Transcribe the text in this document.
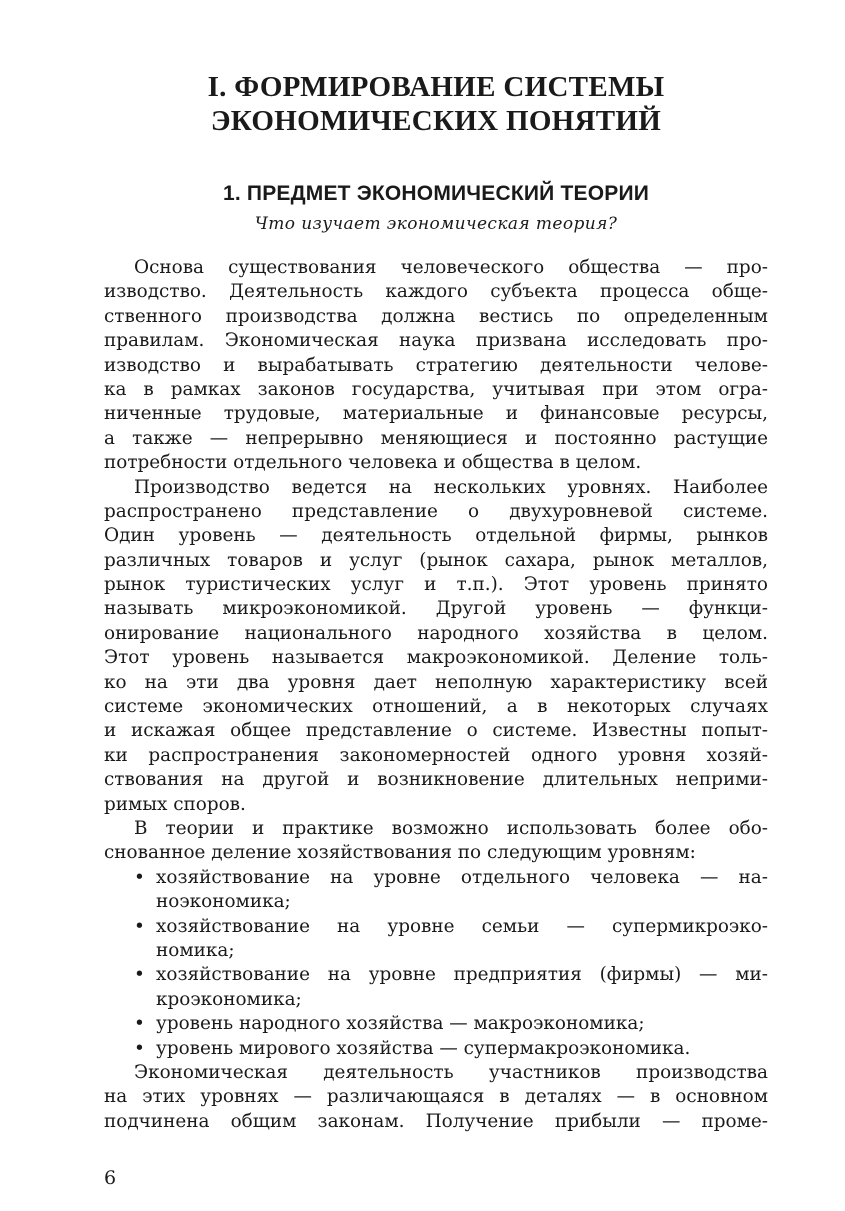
I. ФОРМИРОВАНИЕ СИСТЕМЫ
ЭКОНОМИЧЕСКИХ ПОНЯТИЙ
1. ПРЕДМЕТ ЭКОНОМИЧЕСКИЙ ТЕОРИИ

Что изучает экономическая теория?

Основа существования человеческого общества — про-
изводство. Деятельность каждого субъекта процесса обще-
ственного производства должна вестись по определенным
правилам. Экономическая наука призвана исследовать про-
изводство и вырабатывать стратегию деятельности челове-
ка в рамках законов государства, учитывая при этом огра-
ниченные трудовые, материальные и финансовые ресурсы,
а также — непрерывно меняющиеся и постоянно растущие
потребности отдельного человека и общества в целом.
Производство ведется на нескольких уровнях. Наиболее
распространено представление о двухуровневой системе.
Один уровень — деятельность отдельной фирмы, рынков
различных товаров и услуг (рынок сахара, рынок металлов,
рынок туристических услуг и т.п.). Этот уровень принято
называть микроэкономикой. Другой уровень — функци-
онирование национального народного хозяйства в целом.
Этот уровень называется макроэкономикой. Деление толь-
ко на эти два уровня дает неполную характеристику всей
системе экономических отношений, а в некоторых случаях
и искажая общее представление о системе. Известны попыт-
ки распространения закономерностей одного уровня хозяй-
ствования на другой и возникновение длительных неприми-
римых споров.
В теории и практике возможно использовать более обо-
снованное деление хозяйствования по следующим уровням:
• хозяйствование на уровне отдельного человека — на-
ноэкономика;
• хозяйствование на уровне семьи — супермикроэко-
номика;
• хозяйствование на уровне предприятия (фирмы) — ми-
кроэкономика;
• уровень народного хозяйства — макроэкономика;
• уровень мирового хозяйства — супермакроэкономика.
Экономическая деятельность участников производства
на этих уровнях — различающаяся в деталях — в основном
подчинена общим законам. Получение прибыли — проме-
6
